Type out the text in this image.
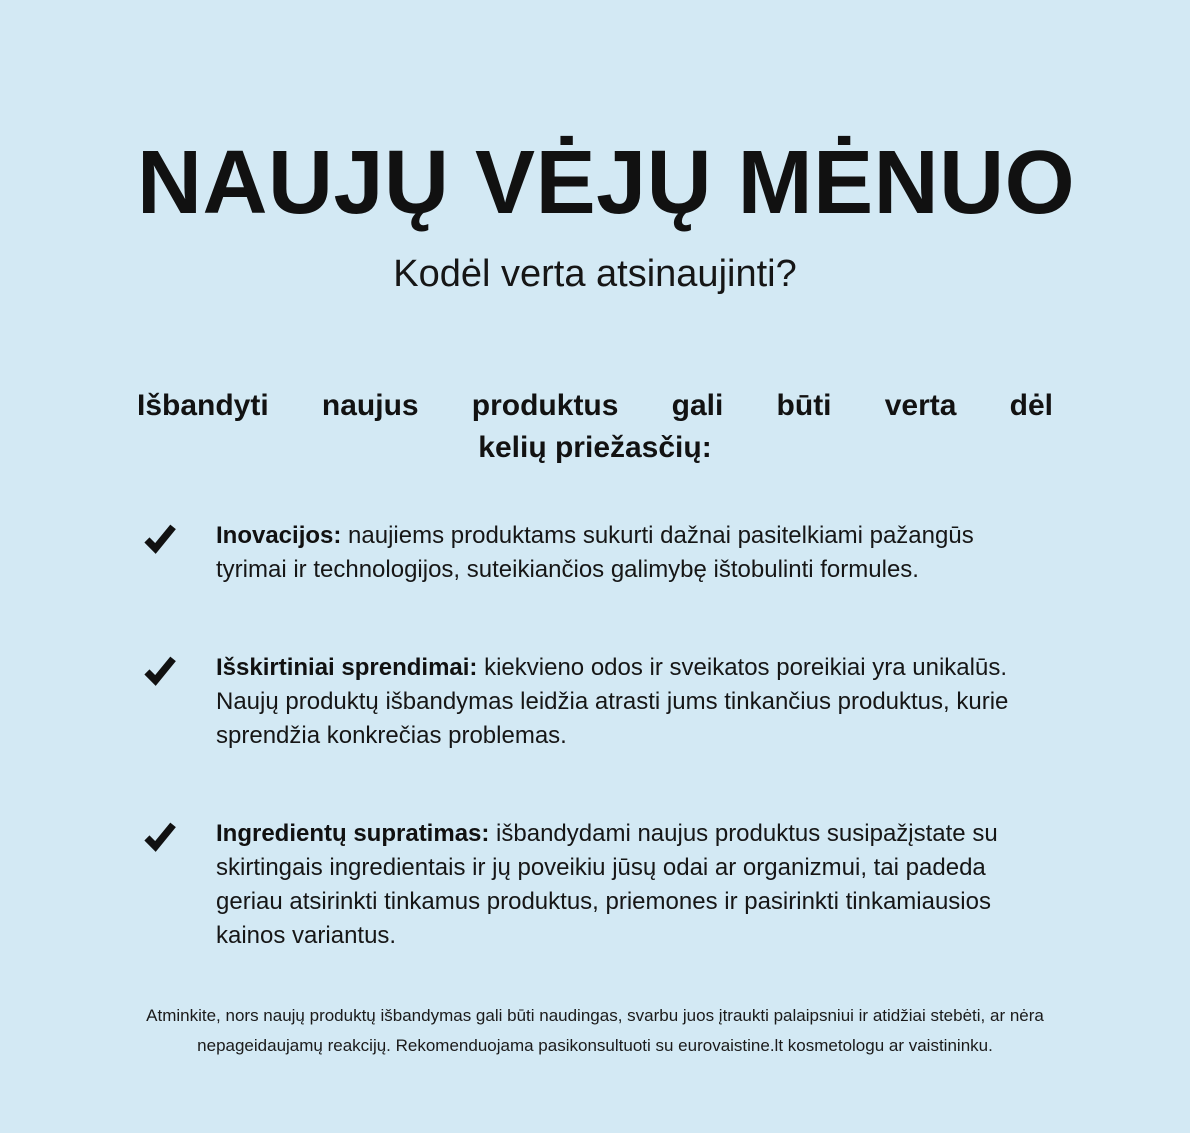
NAUJŲ VĖJŲ MĖNUO

Kodėl verta atsinaujinti?

Išbandyti naujus produktus gali būti verta dėl
kelių priežasčių:

Inovacijos: naujiems produktams sukurti dažnai pasitelkiami pažangūs tyrimai ir technologijos, suteikiančios galimybę ištobulinti formules.

Išskirtiniai sprendimai: kiekvieno odos ir sveikatos poreikiai yra unikalūs. Naujų produktų išbandymas leidžia atrasti jums tinkančius produktus, kurie sprendžia konkrečias problemas.

Ingredientų supratimas: išbandydami naujus produktus susipažįstate su skirtingais ingredientais ir jų poveikiu jūsų odai ar organizmui, tai padeda geriau atsirinkti tinkamus produktus, priemones ir pasirinkti tinkamiausios kainos variantus.

Atminkite, nors naujų produktų išbandymas gali būti naudingas, svarbu juos įtraukti palaipsniui ir atidžiai stebėti, ar nėra nepageidaujamų reakcijų. Rekomenduojama pasikonsultuoti su eurovaistine.lt kosmetologu ar vaistininku.
